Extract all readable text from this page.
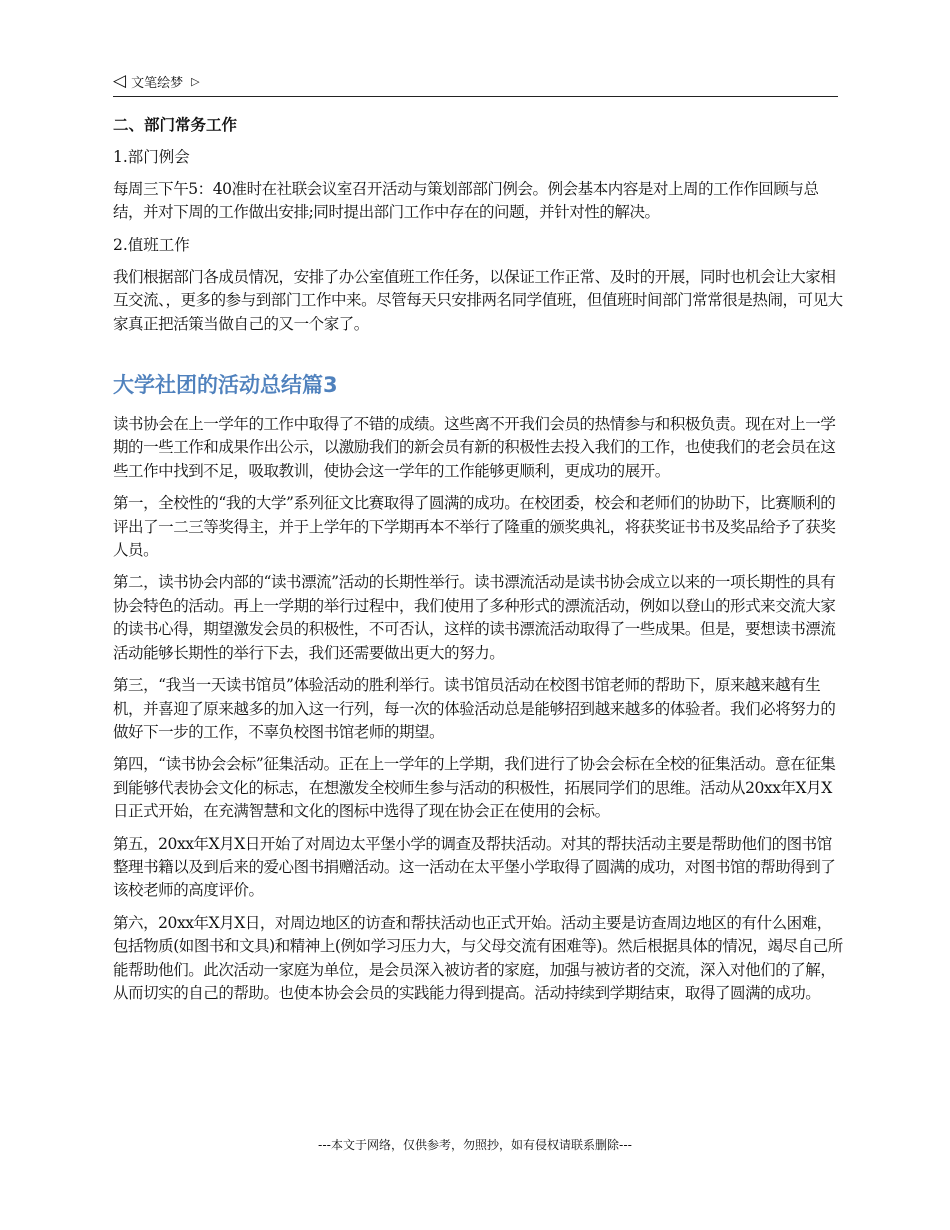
◁ 文笔绘梦 ▷
二、部门常务工作
1.部门例会

每周三下午5：40准时在社联会议室召开活动与策划部部门例会。例会基本内容是对上周的工作作回顾与总结，并对下周的工作做出安排;同时提出部门工作中存在的问题，并针对性的解决。

2.值班工作

我们根据部门各成员情况，安排了办公室值班工作任务，以保证工作正常、及时的开展，同时也机会让大家相互交流、，更多的参与到部门工作中来。尽管每天只安排两名同学值班，但值班时间部门常常很是热闹，可见大家真正把活策当做自己的又一个家了。

大学社团的活动总结篇3

读书协会在上一学年的工作中取得了不错的成绩。这些离不开我们会员的热情参与和积极负责。现在对上一学期的一些工作和成果作出公示，以激励我们的新会员有新的积极性去投入我们的工作，也使我们的老会员在这些工作中找到不足，吸取教训，使协会这一学年的工作能够更顺利，更成功的展开。

第一，全校性的“我的大学”系列征文比赛取得了圆满的成功。在校团委，校会和老师们的协助下，比赛顺利的评出了一二三等奖得主，并于上学年的下学期再本不举行了隆重的颁奖典礼，将获奖证书书及奖品给予了获奖人员。

第二，读书协会内部的“读书漂流”活动的长期性举行。读书漂流活动是读书协会成立以来的一项长期性的具有协会特色的活动。再上一学期的举行过程中，我们使用了多种形式的漂流活动，例如以登山的形式来交流大家的读书心得，期望激发会员的积极性，不可否认，这样的读书漂流活动取得了一些成果。但是，要想读书漂流活动能够长期性的举行下去，我们还需要做出更大的努力。

第三，“我当一天读书馆员”体验活动的胜利举行。读书馆员活动在校图书馆老师的帮助下，原来越来越有生机，并喜迎了原来越多的加入这一行列，每一次的体验活动总是能够招到越来越多的体验者。我们必将努力的做好下一步的工作，不辜负校图书馆老师的期望。

第四，“读书协会会标”征集活动。正在上一学年的上学期，我们进行了协会会标在全校的征集活动。意在征集到能够代表协会文化的标志，在想激发全校师生参与活动的积极性，拓展同学们的思维。活动从20xx年X月X日正式开始，在充满智慧和文化的图标中选得了现在协会正在使用的会标。

第五，20xx年X月X日开始了对周边太平堡小学的调查及帮扶活动。对其的帮扶活动主要是帮助他们的图书馆整理书籍以及到后来的爱心图书捐赠活动。这一活动在太平堡小学取得了圆满的成功，对图书馆的帮助得到了该校老师的高度评价。

第六，20xx年X月X日，对周边地区的访查和帮扶活动也正式开始。活动主要是访查周边地区的有什么困难，包括物质(如图书和文具)和精神上(例如学习压力大，与父母交流有困难等)。然后根据具体的情况，竭尽自己所能帮助他们。此次活动一家庭为单位，是会员深入被访者的家庭，加强与被访者的交流，深入对他们的了解，从而切实的自己的帮助。也使本协会会员的实践能力得到提高。活动持续到学期结束，取得了圆满的成功。

---本文于网络，仅供参考，勿照抄，如有侵权请联系删除---
